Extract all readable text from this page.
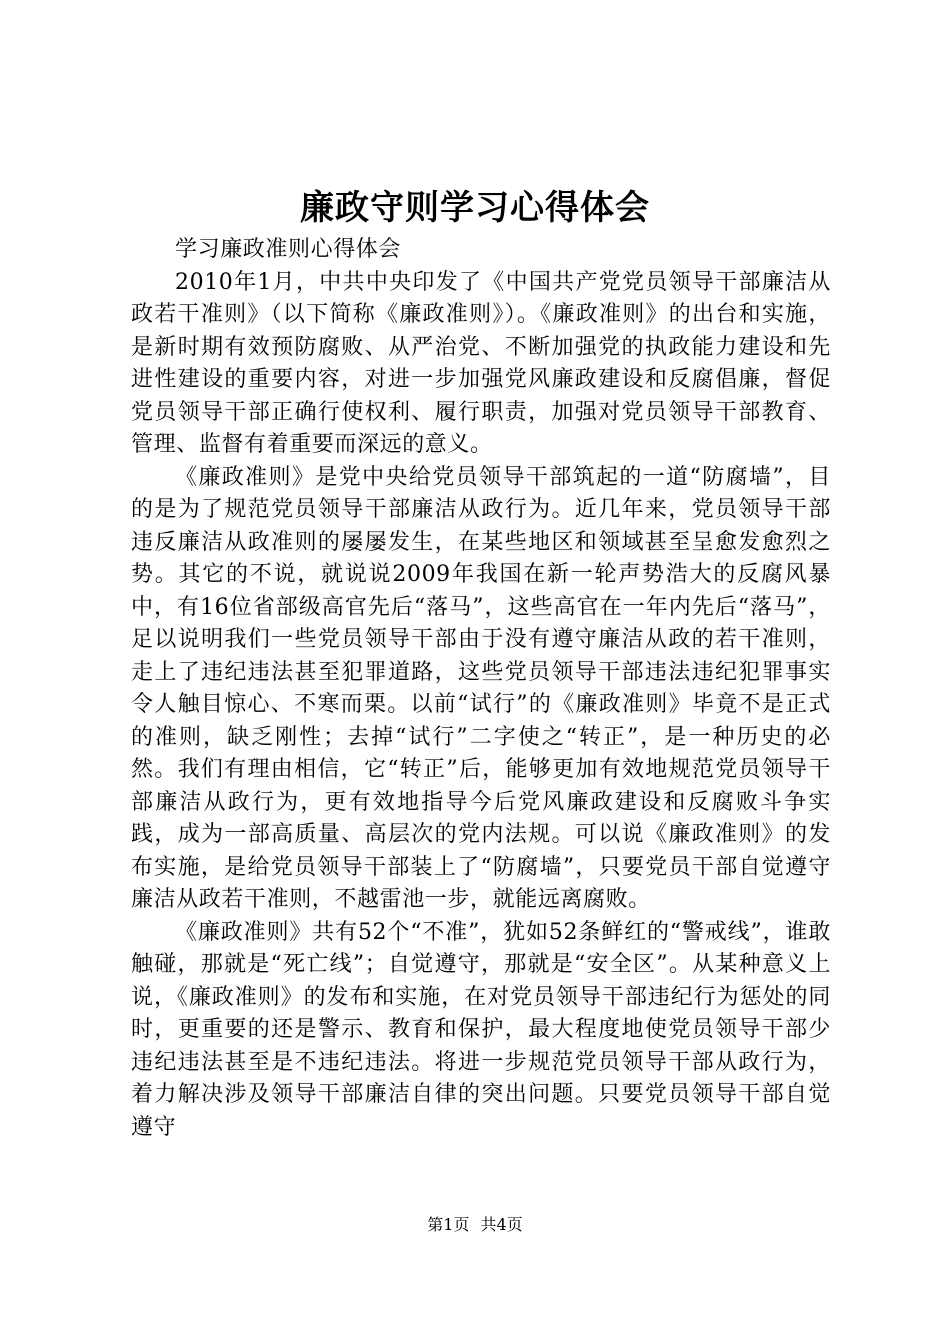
廉政守则学习心得体会

学习廉政准则心得体会

2010年1月，中共中央印发了《中国共产党党员领导干部廉洁从政若干准则》（以下简称《廉政准则》）。《廉政准则》的出台和实施，是新时期有效预防腐败、从严治党、不断加强党的执政能力建设和先进性建设的重要内容，对进一步加强党风廉政建设和反腐倡廉，督促党员领导干部正确行使权利、履行职责，加强对党员领导干部教育、管理、监督有着重要而深远的意义。

《廉政准则》是党中央给党员领导干部筑起的一道“防腐墙”，目的是为了规范党员领导干部廉洁从政行为。近几年来，党员领导干部违反廉洁从政准则的屡屡发生，在某些地区和领域甚至呈愈发愈烈之势。其它的不说，就说说2009年我国在新一轮声势浩大的反腐风暴中，有16位省部级高官先后“落马”，这些高官在一年内先后“落马”，足以说明我们一些党员领导干部由于没有遵守廉洁从政的若干准则，走上了违纪违法甚至犯罪道路，这些党员领导干部违法违纪犯罪事实令人触目惊心、不寒而栗。以前“试行”的《廉政准则》毕竟不是正式的准则，缺乏刚性；去掉“试行”二字使之“转正”，是一种历史的必然。我们有理由相信，它“转正”后，能够更加有效地规范党员领导干部廉洁从政行为，更有效地指导今后党风廉政建设和反腐败斗争实践，成为一部高质量、高层次的党内法规。可以说《廉政准则》的发布实施，是给党员领导干部装上了“防腐墙”，只要党员干部自觉遵守廉洁从政若干准则，不越雷池一步，就能远离腐败。

《廉政准则》共有52个“不准”，犹如52条鲜红的“警戒线”，谁敢触碰，那就是“死亡线”；自觉遵守，那就是“安全区”。从某种意义上说，《廉政准则》的发布和实施，在对党员领导干部违纪行为惩处的同时，更重要的还是警示、教育和保护，最大程度地使党员领导干部少违纪违法甚至是不违纪违法。将进一步规范党员领导干部从政行为，着力解决涉及领导干部廉洁自律的突出问题。只要党员领导干部自觉遵守

第1页 共4页
